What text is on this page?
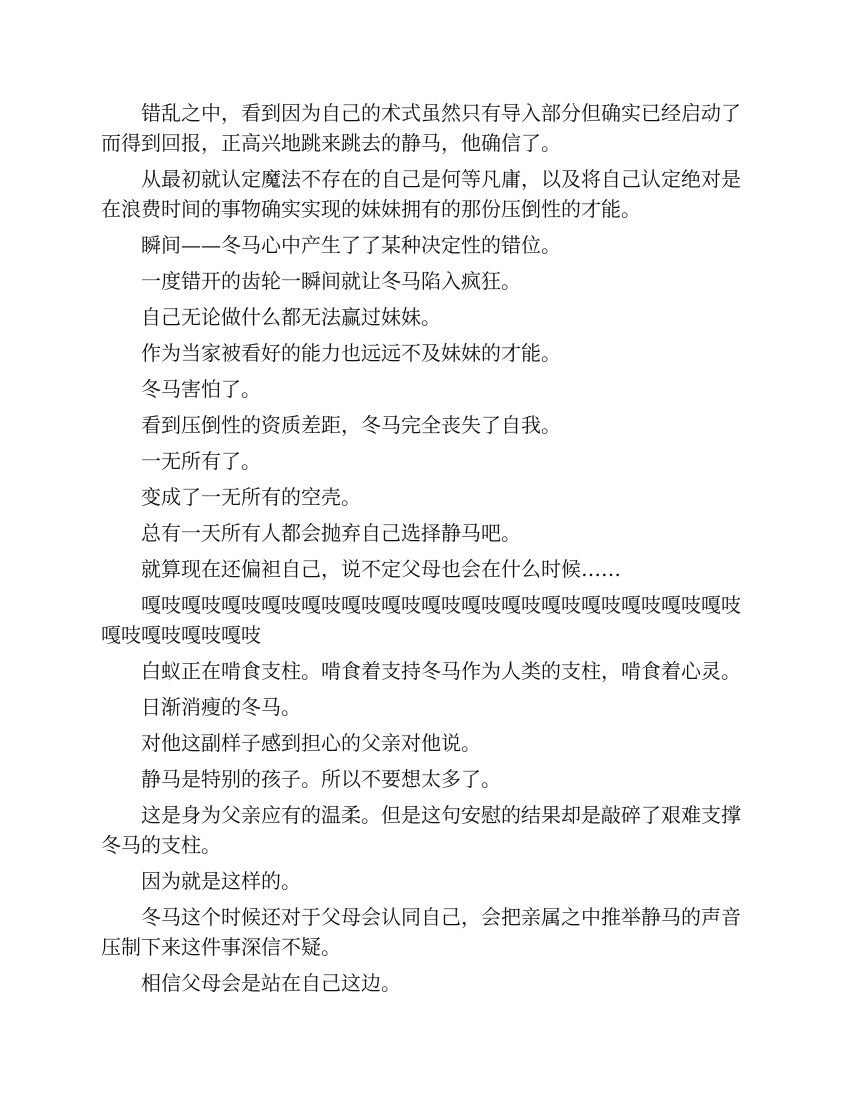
错乱之中，看到因为自己的术式虽然只有导入部分但确实已经启动了而得到回报，正高兴地跳来跳去的静马，他确信了。

从最初就认定魔法不存在的自己是何等凡庸，以及将自己认定绝对是在浪费时间的事物确实实现的妹妹拥有的那份压倒性的才能。

瞬间——冬马心中产生了了某种决定性的错位。

一度错开的齿轮一瞬间就让冬马陷入疯狂。

自己无论做什么都无法赢过妹妹。

作为当家被看好的能力也远远不及妹妹的才能。

冬马害怕了。

看到压倒性的资质差距，冬马完全丧失了自我。

一无所有了。

变成了一无所有的空壳。

总有一天所有人都会抛弃自己选择静马吧。

就算现在还偏袒自己，说不定父母也会在什么时候……

嘎吱嘎吱嘎吱嘎吱嘎吱嘎吱嘎吱嘎吱嘎吱嘎吱嘎吱嘎吱嘎吱嘎吱嘎吱嘎吱嘎吱嘎吱嘎吱

白蚁正在啃食支柱。啃食着支持冬马作为人类的支柱，啃食着心灵。

日渐消瘦的冬马。

对他这副样子感到担心的父亲对他说。

静马是特别的孩子。所以不要想太多了。

这是身为父亲应有的温柔。但是这句安慰的结果却是敲碎了艰难支撑冬马的支柱。

因为就是这样的。

冬马这个时候还对于父母会认同自己，会把亲属之中推举静马的声音压制下来这件事深信不疑。

相信父母会是站在自己这边。
